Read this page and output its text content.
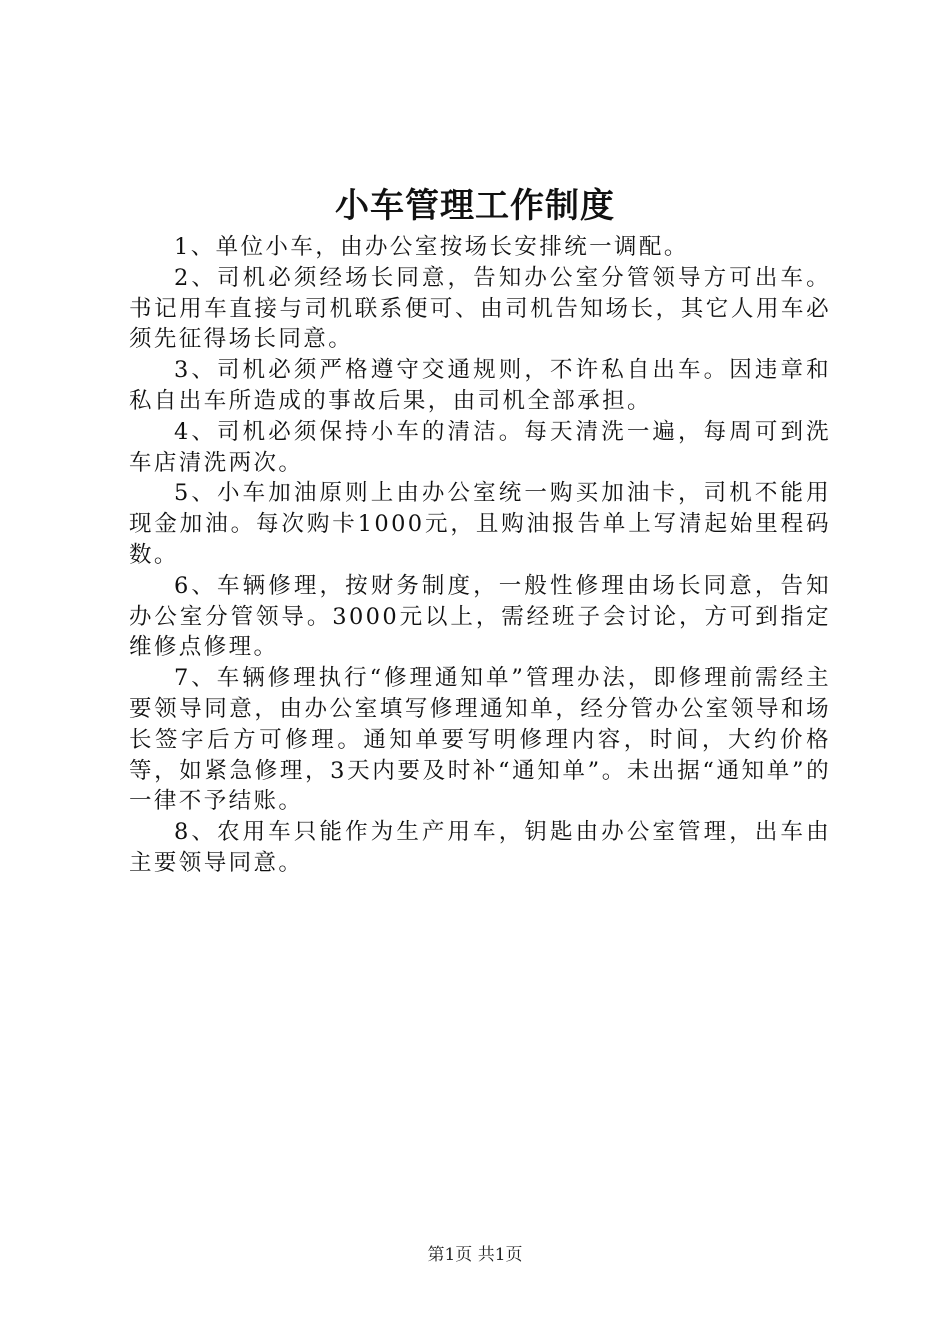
小车管理工作制度

1、单位小车，由办公室按场长安排统一调配。

2、司机必须经场长同意，告知办公室分管领导方可出车。书记用车直接与司机联系便可、由司机告知场长，其它人用车必须先征得场长同意。

3、司机必须严格遵守交通规则，不许私自出车。因违章和私自出车所造成的事故后果，由司机全部承担。

4、司机必须保持小车的清洁。每天清洗一遍，每周可到洗车店清洗两次。

5、小车加油原则上由办公室统一购买加油卡，司机不能用现金加油。每次购卡1000元，且购油报告单上写清起始里程码数。

6、车辆修理，按财务制度，一般性修理由场长同意，告知办公室分管领导。3000元以上，需经班子会讨论，方可到指定维修点修理。

7、车辆修理执行“修理通知单”管理办法，即修理前需经主要领导同意，由办公室填写修理通知单，经分管办公室领导和场长签字后方可修理。通知单要写明修理内容，时间，大约价格等，如紧急修理，3天内要及时补“通知单”。未出据“通知单”的一律不予结账。

8、农用车只能作为生产用车，钥匙由办公室管理，出车由主要领导同意。

第1页 共1页
